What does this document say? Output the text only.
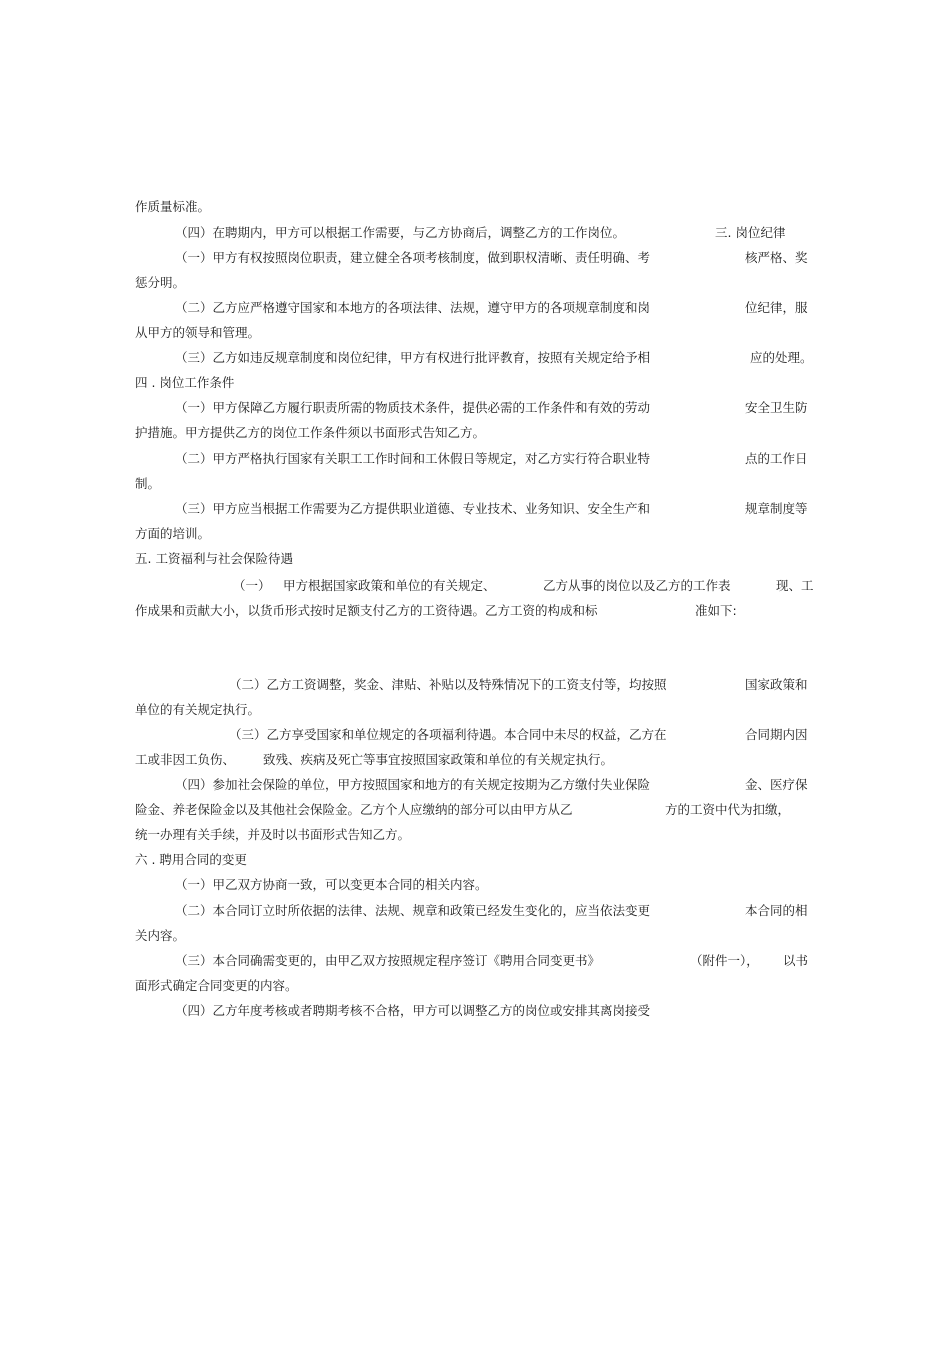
作质量标准。
（四）在聘期内，甲方可以根据工作需要，与乙方协商后，调整乙方的工作岗位。	三. 岗位纪律
（一）甲方有权按照岗位职责，建立健全各项考核制度，做到职权清晰、责任明确、考	核严格、奖
惩分明。
（二）乙方应严格遵守国家和本地方的各项法律、法规，遵守甲方的各项规章制度和岗	位纪律，服
从甲方的领导和管理。
（三）乙方如违反规章制度和岗位纪律，甲方有权进行批评教育，按照有关规定给予相	应的处理。
四 . 岗位工作条件
（一）甲方保障乙方履行职责所需的物质技术条件，提供必需的工作条件和有效的劳动	安全卫生防
护措施。甲方提供乙方的岗位工作条件须以书面形式告知乙方。
（二）甲方严格执行国家有关职工工作时间和工休假日等规定，对乙方实行符合职业特	点的工作日
制。
（三）甲方应当根据工作需要为乙方提供职业道德、专业技术、业务知识、安全生产和	规章制度等
方面的培训。
五. 工资福利与社会保险待遇
（一） 甲方根据国家政策和单位的有关规定、	乙方从事的岗位以及乙方的工作表	现、工
作成果和贡献大小，以货币形式按时足额支付乙方的工资待遇。乙方工资的构成和标	准如下:
（二）乙方工资调整，奖金、津贴、补贴以及特殊情况下的工资支付等，均按照	国家政策和
单位的有关规定执行。
（三）乙方享受国家和单位规定的各项福利待遇。本合同中未尽的权益，乙方在	合同期内因
工或非因工负伤、 致残、疾病及死亡等事宜按照国家政策和单位的有关规定执行。
（四）参加社会保险的单位，甲方按照国家和地方的有关规定按期为乙方缴付失业保险	金、医疗保
险金、养老保险金以及其他社会保险金。乙方个人应缴纳的部分可以由甲方从乙	方的工资中代为扣缴，
统一办理有关手续，并及时以书面形式告知乙方。
六 . 聘用合同的变更
（一）甲乙双方协商一致，可以变更本合同的相关内容。
（二）本合同订立时所依据的法律、法规、规章和政策已经发生变化的，应当依法变更	本合同的相
关内容。
（三）本合同确需变更的，由甲乙双方按照规定程序签订《聘用合同变更书》	（附件一）， 以书
面形式确定合同变更的内容。
（四）乙方年度考核或者聘期考核不合格，甲方可以调整乙方的岗位或安排其离岗接受
